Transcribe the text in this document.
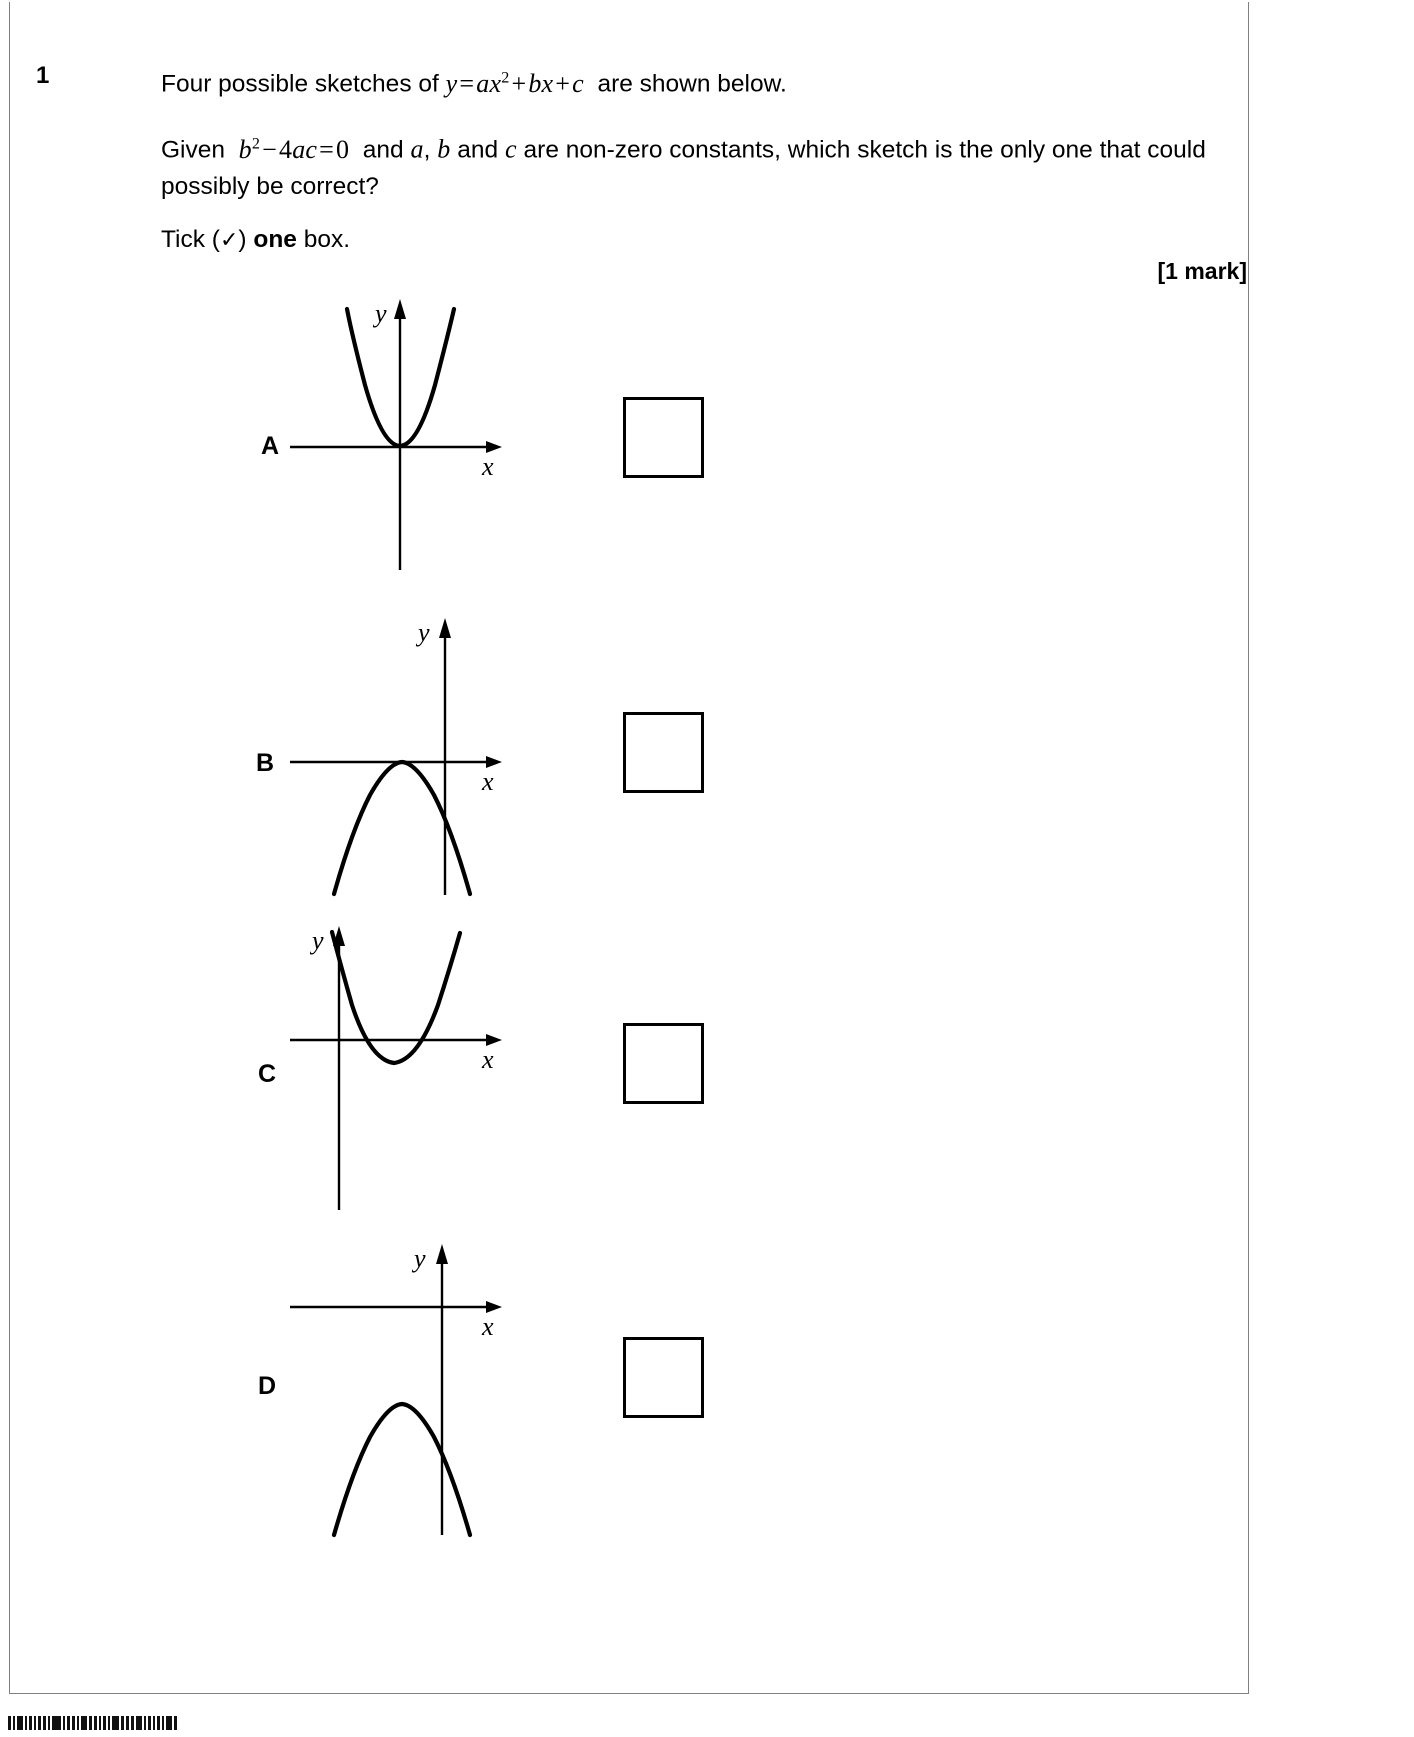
1	Four possible sketches of $y=ax^2+bx+c$  are shown below.
Given  $b^2-4ac=0$ and a, b and c are non-zero constants, which sketch is the only one that could possibly be correct?
Tick (✓) one box.
[1 mark]
A
y
x
B
y
x
C
y
x
D
y
x
